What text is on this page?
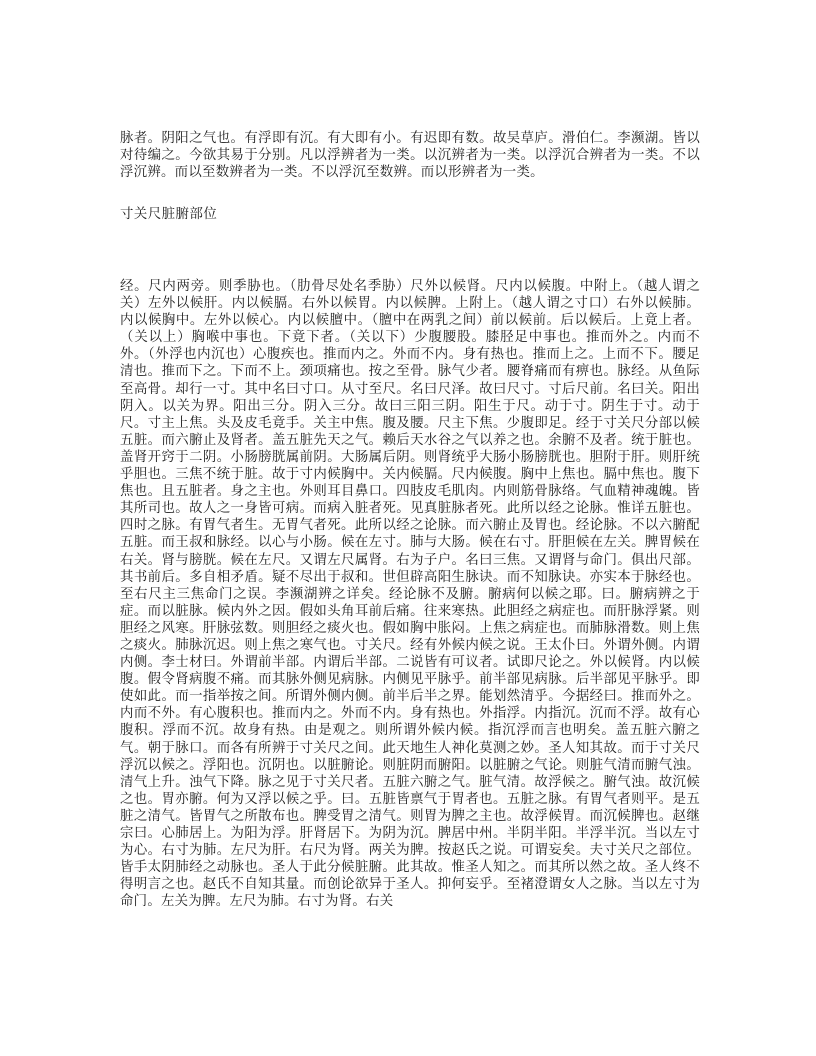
脉者。阴阳之气也。有浮即有沉。有大即有小。有迟即有数。故吴草庐。滑伯仁。李濒湖。皆以对待编之。今欲其易于分别。凡以浮辨者为一类。以沉辨者为一类。以浮沉合辨者为一类。不以浮沉辨。而以至数辨者为一类。不以浮沉至数辨。而以形辨者为一类。

寸关尺脏腑部位

经。尺内两旁。则季胁也。（肋骨尽处名季胁）尺外以候肾。尺内以候腹。中附上。（越人谓之关）左外以候肝。内以候膈。右外以候胃。内以候脾。上附上。（越人谓之寸口）右外以候肺。内以候胸中。左外以候心。内以候膻中。（膻中在两乳之间）前以候前。后以候后。上竟上者。（关以上）胸喉中事也。下竟下者。（关以下）少腹腰股。膝胫足中事也。推而外之。内而不外。（外浮也内沉也）心腹疾也。推而内之。外而不内。身有热也。推而上之。上而不下。腰足清也。推而下之。下而不上。颈项痛也。按之至骨。脉气少者。腰脊痛而有痹也。脉经。从鱼际至高骨。却行一寸。其中名曰寸口。从寸至尺。名曰尺泽。故曰尺寸。寸后尺前。名曰关。阳出阴入。以关为界。阳出三分。阴入三分。故曰三阳三阴。阳生于尺。动于寸。阴生于寸。动于尺。寸主上焦。头及皮毛竟手。关主中焦。腹及腰。尺主下焦。少腹即足。经于寸关尺分部以候五脏。而六腑止及肾者。盖五脏先天之气。赖后天水谷之气以养之也。余腑不及者。统于脏也。盖肾开窍于二阴。小肠膀胱属前阴。大肠属后阴。则肾统乎大肠小肠膀胱也。胆附于肝。则肝统乎胆也。三焦不统于脏。故于寸内候胸中。关内候膈。尺内候腹。胸中上焦也。膈中焦也。腹下焦也。且五脏者。身之主也。外则耳目鼻口。四肢皮毛肌肉。内则筋骨脉络。气血精神魂魄。皆其所司也。故人之一身皆可病。而病入脏者死。见真脏脉者死。此所以经之论脉。惟详五脏也。四时之脉。有胃气者生。无胃气者死。此所以经之论脉。而六腑止及胃也。经论脉。不以六腑配五脏。而王叔和脉经。以心与小肠。候在左寸。肺与大肠。候在右寸。肝胆候在左关。脾胃候在右关。肾与膀胱。候在左尺。又谓左尺属肾。右为子户。名曰三焦。又谓肾与命门。俱出尺部。其书前后。多自相矛盾。疑不尽出于叔和。世但辟高阳生脉诀。而不知脉诀。亦实本于脉经也。至右尺主三焦命门之误。李濒湖辨之详矣。经论脉不及腑。腑病何以候之耶。曰。腑病辨之于症。而以脏脉。候内外之因。假如头角耳前后痛。往来寒热。此胆经之病症也。而肝脉浮紧。则胆经之风寒。肝脉弦数。则胆经之痰火也。假如胸中胀闷。上焦之病症也。而肺脉滑数。则上焦之痰火。肺脉沉迟。则上焦之寒气也。寸关尺。经有外候内候之说。王太仆曰。外谓外侧。内谓内侧。李士材曰。外谓前半部。内谓后半部。二说皆有可议者。试即尺论之。外以候肾。内以候腹。假令肾病腹不痛。而其脉外侧见病脉。内侧见平脉乎。前半部见病脉。后半部见平脉乎。即使如此。而一指举按之间。所谓外侧内侧。前半后半之界。能划然清乎。今据经曰。推而外之。内而不外。有心腹积也。推而内之。外而不内。身有热也。外指浮。内指沉。沉而不浮。故有心腹积。浮而不沉。故身有热。由是观之。则所谓外候内候。指沉浮而言也明矣。盖五脏六腑之气。朝于脉口。而各有所辨于寸关尺之间。此天地生人神化莫测之妙。圣人知其故。而于寸关尺浮沉以候之。浮阳也。沉阴也。以脏腑论。则脏阴而腑阳。以脏腑之气论。则脏气清而腑气浊。清气上升。浊气下降。脉之见于寸关尺者。五脏六腑之气。脏气清。故浮候之。腑气浊。故沉候之也。胃亦腑。何为又浮以候之乎。曰。五脏皆禀气于胃者也。五脏之脉。有胃气者则平。是五脏之清气。皆胃气之所散布也。脾受胃之清气。则胃为脾之主也。故浮候胃。而沉候脾也。赵继宗曰。心肺居上。为阳为浮。肝肾居下。为阴为沉。脾居中州。半阴半阳。半浮半沉。当以左寸为心。右寸为肺。左尺为肝。右尺为肾。两关为脾。按赵氏之说。可谓妄矣。夫寸关尺之部位。皆手太阴肺经之动脉也。圣人于此分候脏腑。此其故。惟圣人知之。而其所以然之故。圣人终不得明言之也。赵氏不自知其量。而创论欲异于圣人。抑何妄乎。至褚澄谓女人之脉。当以左寸为命门。左关为脾。左尺为肺。右寸为肾。右关
